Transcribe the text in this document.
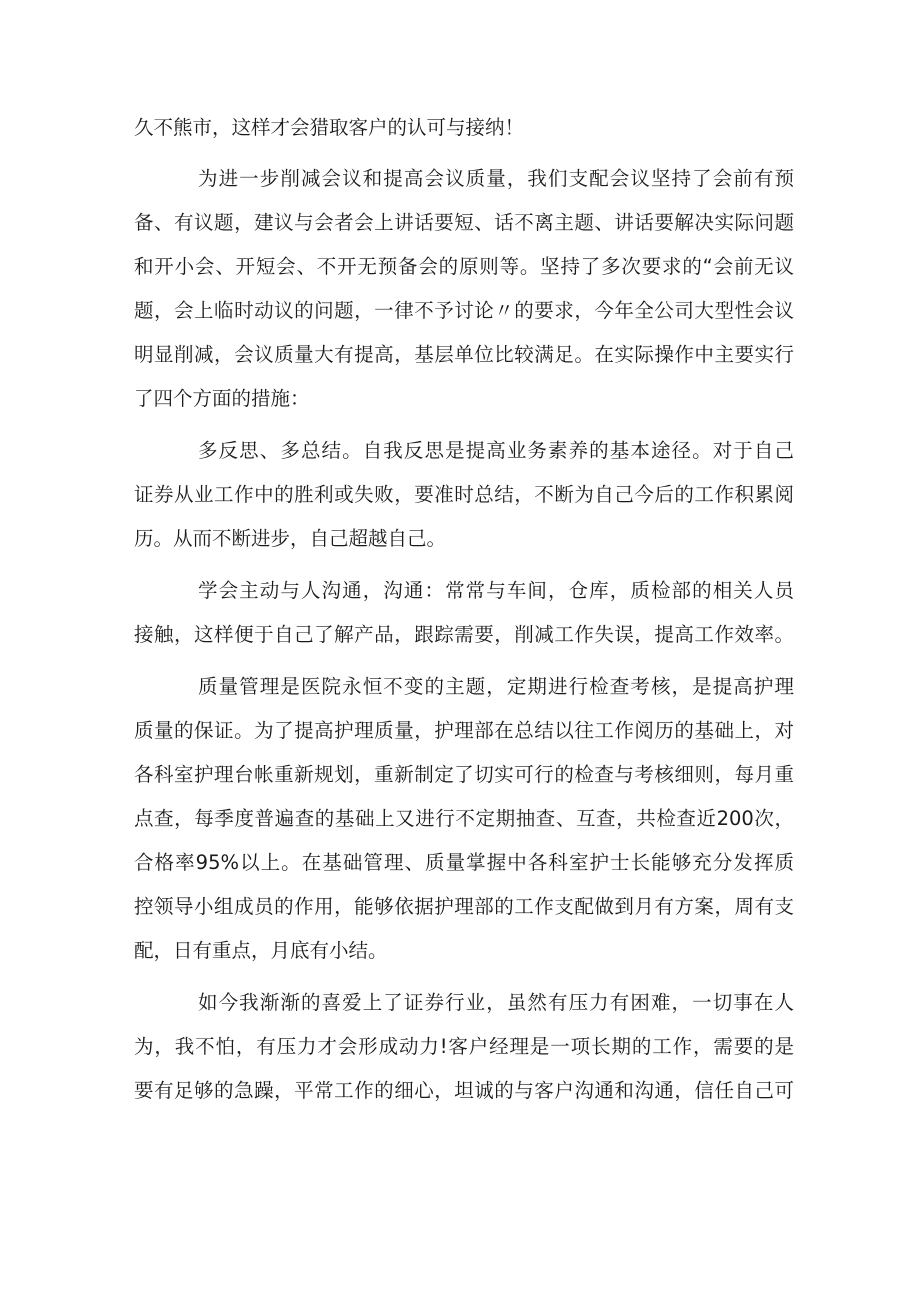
久不熊市，这样才会猎取客户的认可与接纳！
为进一步削减会议和提高会议质量，我们支配会议坚持了会前有预
备、有议题，建议与会者会上讲话要短、话不离主题、讲话要解决实际问题
和开小会、开短会、不开无预备会的原则等。坚持了多次要求的“会前无议
题，会上临时动议的问题，一律不予讨论〃的要求，今年全公司大型性会议
明显削减，会议质量大有提高，基层单位比较满足。在实际操作中主要实行
了四个方面的措施：
多反思、多总结。自我反思是提高业务素养的基本途径。对于自己
证券从业工作中的胜利或失败，要准时总结，不断为自己今后的工作积累阅
历。从而不断进步，自己超越自己。
学会主动与人沟通，沟通：常常与车间，仓库，质检部的相关人员
接触，这样便于自己了解产品，跟踪需要，削减工作失误，提高工作效率。
质量管理是医院永恒不变的主题，定期进行检查考核，是提高护理
质量的保证。为了提高护理质量，护理部在总结以往工作阅历的基础上，对
各科室护理台帐重新规划，重新制定了切实可行的检查与考核细则，每月重
点查，每季度普遍查的基础上又进行不定期抽查、互查，共检查近200次，
合格率95%以上。在基础管理、质量掌握中各科室护士长能够充分发挥质
控领导小组成员的作用，能够依据护理部的工作支配做到月有方案，周有支
配，日有重点，月底有小结。
如今我渐渐的喜爱上了证券行业，虽然有压力有困难，一切事在人
为，我不怕，有压力才会形成动力!客户经理是一项长期的工作，需要的是
要有足够的急躁，平常工作的细心，坦诚的与客户沟通和沟通，信任自己可
